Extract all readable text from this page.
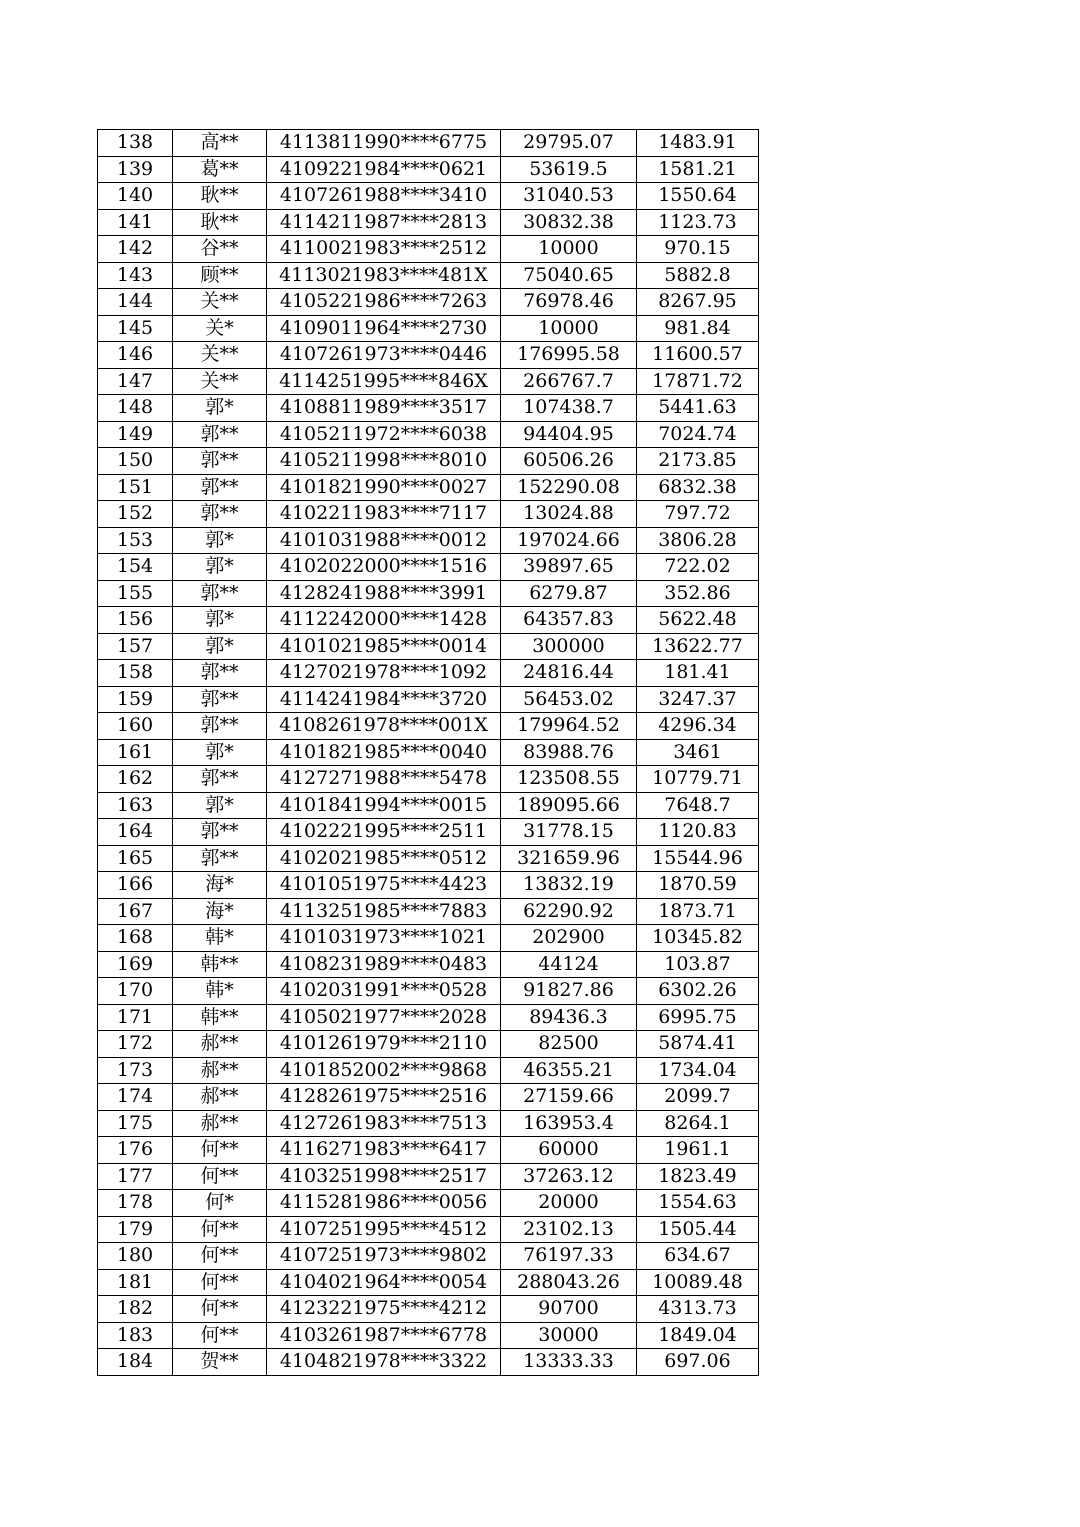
138	高**	4113811990****6775	29795.07	1483.91
139	葛**	4109221984****0621	53619.5	1581.21
140	耿**	4107261988****3410	31040.53	1550.64
141	耿**	4114211987****2813	30832.38	1123.73
142	谷**	4110021983****2512	10000	970.15
143	顾**	4113021983****481X	75040.65	5882.8
144	关**	4105221986****7263	76978.46	8267.95
145	关*	4109011964****2730	10000	981.84
146	关**	4107261973****0446	176995.58	11600.57
147	关**	4114251995****846X	266767.7	17871.72
148	郭*	4108811989****3517	107438.7	5441.63
149	郭**	4105211972****6038	94404.95	7024.74
150	郭**	4105211998****8010	60506.26	2173.85
151	郭**	4101821990****0027	152290.08	6832.38
152	郭**	4102211983****7117	13024.88	797.72
153	郭*	4101031988****0012	197024.66	3806.28
154	郭*	4102022000****1516	39897.65	722.02
155	郭**	4128241988****3991	6279.87	352.86
156	郭*	4112242000****1428	64357.83	5622.48
157	郭*	4101021985****0014	300000	13622.77
158	郭**	4127021978****1092	24816.44	181.41
159	郭**	4114241984****3720	56453.02	3247.37
160	郭**	4108261978****001X	179964.52	4296.34
161	郭*	4101821985****0040	83988.76	3461
162	郭**	4127271988****5478	123508.55	10779.71
163	郭*	4101841994****0015	189095.66	7648.7
164	郭**	4102221995****2511	31778.15	1120.83
165	郭**	4102021985****0512	321659.96	15544.96
166	海*	4101051975****4423	13832.19	1870.59
167	海*	4113251985****7883	62290.92	1873.71
168	韩*	4101031973****1021	202900	10345.82
169	韩**	4108231989****0483	44124	103.87
170	韩*	4102031991****0528	91827.86	6302.26
171	韩**	4105021977****2028	89436.3	6995.75
172	郝**	4101261979****2110	82500	5874.41
173	郝**	4101852002****9868	46355.21	1734.04
174	郝**	4128261975****2516	27159.66	2099.7
175	郝**	4127261983****7513	163953.4	8264.1
176	何**	4116271983****6417	60000	1961.1
177	何**	4103251998****2517	37263.12	1823.49
178	何*	4115281986****0056	20000	1554.63
179	何**	4107251995****4512	23102.13	1505.44
180	何**	4107251973****9802	76197.33	634.67
181	何**	4104021964****0054	288043.26	10089.48
182	何**	4123221975****4212	90700	4313.73
183	何**	4103261987****6778	30000	1849.04
184	贺**	4104821978****3322	13333.33	697.06
